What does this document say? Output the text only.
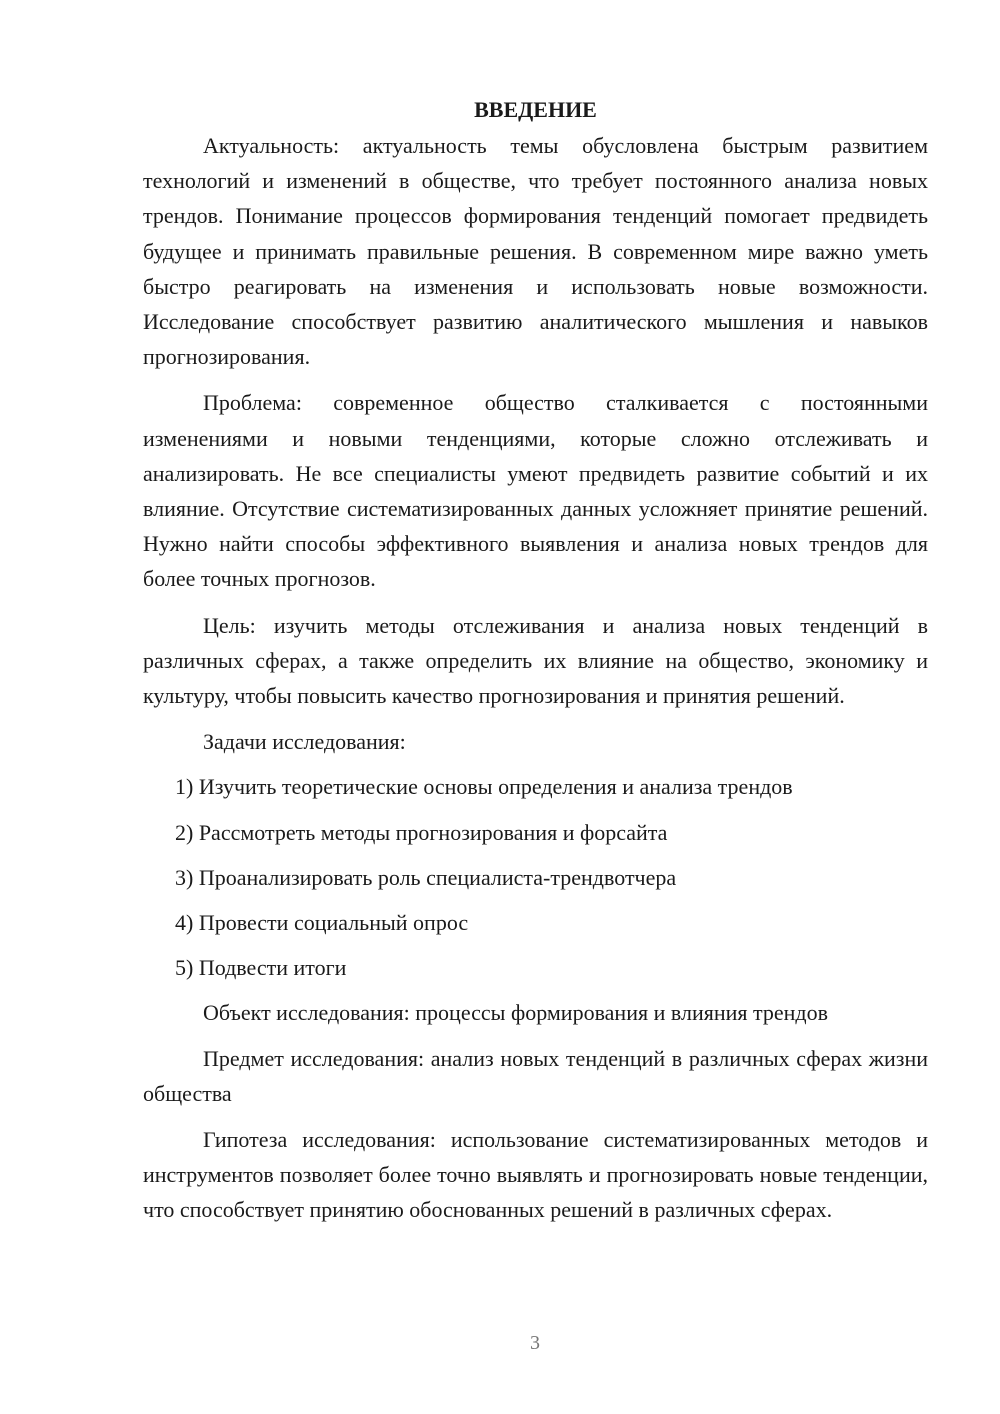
ВВЕДЕНИЕ

Актуальность: актуальность темы обусловлена быстрым развитием технологий и изменений в обществе, что требует постоянного анализа новых трендов. Понимание процессов формирования тенденций помогает предвидеть будущее и принимать правильные решения. В современном мире важно уметь быстро реагировать на изменения и использовать новые возможности. Исследование способствует развитию аналитического мышления и навыков прогнозирования.

Проблема: современное общество сталкивается с постоянными изменениями и новыми тенденциями, которые сложно отслеживать и анализировать. Не все специалисты умеют предвидеть развитие событий и их влияние. Отсутствие систематизированных данных усложняет принятие решений. Нужно найти способы эффективного выявления и анализа новых трендов для более точных прогнозов.

Цель: изучить методы отслеживания и анализа новых тенденций в различных сферах, а также определить их влияние на общество, экономику и культуру, чтобы повысить качество прогнозирования и принятия решений.

Задачи исследования:

1) Изучить теоретические основы определения и анализа трендов
2) Рассмотреть методы прогнозирования и форсайта
3) Проанализировать роль специалиста-трендвотчера
4) Провести социальный опрос
5) Подвести итоги

Объект исследования: процессы формирования и влияния трендов

Предмет исследования: анализ новых тенденций в различных сферах жизни общества

Гипотеза исследования: использование систематизированных методов и инструментов позволяет более точно выявлять и прогнозировать новые тенденции, что способствует принятию обоснованных решений в различных сферах.

3
